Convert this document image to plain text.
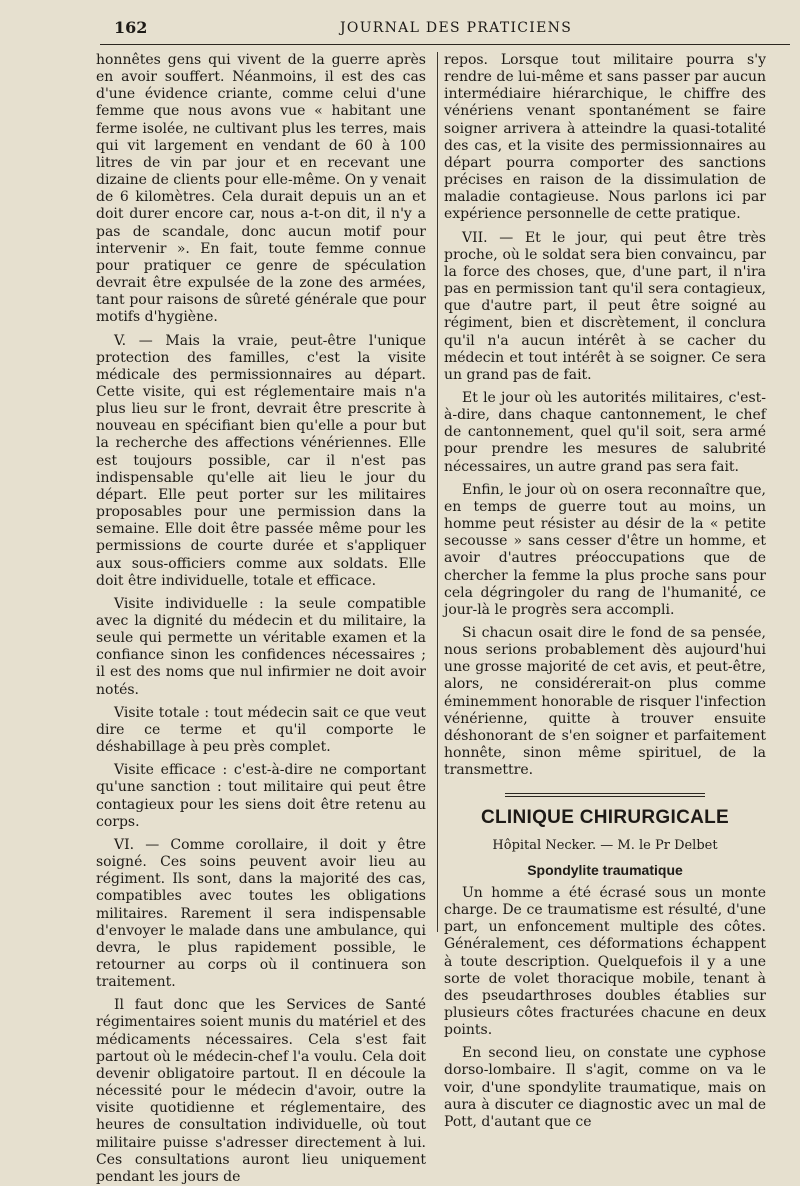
162	JOURNAL DES PRATICIENS

honnêtes gens qui vivent de la guerre après en avoir souffert. Néanmoins, il est des cas d'une évidence criante, comme celui d'une femme que nous avons vue « habitant une ferme isolée, ne cultivant plus les terres, mais qui vit largement en vendant de 60 à 100 litres de vin par jour et en recevant une dizaine de clients pour elle-même. On y venait de 6 kilomètres. Cela durait depuis un an et doit durer encore car, nous a-t-on dit, il n'y a pas de scandale, donc aucun motif pour intervenir ». En fait, toute femme connue pour pratiquer ce genre de spéculation devrait être expulsée de la zone des armées, tant pour raisons de sûreté générale que pour motifs d'hygiène.

V. — Mais la vraie, peut-être l'unique protection des familles, c'est la visite médicale des permissionnaires au départ. Cette visite, qui est réglementaire mais n'a plus lieu sur le front, devrait être prescrite à nouveau en spécifiant bien qu'elle a pour but la recherche des affections vénériennes. Elle est toujours possible, car il n'est pas indispensable qu'elle ait lieu le jour du départ. Elle peut porter sur les militaires proposables pour une permission dans la semaine. Elle doit être passée même pour les permissions de courte durée et s'appliquer aux sous-officiers comme aux soldats. Elle doit être individuelle, totale et efficace.

Visite individuelle : la seule compatible avec la dignité du médecin et du militaire, la seule qui permette un véritable examen et la confiance sinon les confidences nécessaires ; il est des noms que nul infirmier ne doit avoir notés.

Visite totale : tout médecin sait ce que veut dire ce terme et qu'il comporte le déshabillage à peu près complet.

Visite efficace : c'est-à-dire ne comportant qu'une sanction : tout militaire qui peut être contagieux pour les siens doit être retenu au corps.

VI. — Comme corollaire, il doit y être soigné. Ces soins peuvent avoir lieu au régiment. Ils sont, dans la majorité des cas, compatibles avec toutes les obligations militaires. Rarement il sera indispensable d'envoyer le malade dans une ambulance, qui devra, le plus rapidement possible, le retourner au corps où il continuera son traitement.

Il faut donc que les Services de Santé régimentaires soient munis du matériel et des médicaments nécessaires. Cela s'est fait partout où le médecin-chef l'a voulu. Cela doit devenir obligatoire partout. Il en découle la nécessité pour le médecin d'avoir, outre la visite quotidienne et réglementaire, des heures de consultation individuelle, où tout militaire puisse s'adresser directement à lui. Ces consultations auront lieu uniquement pendant les jours de

repos. Lorsque tout militaire pourra s'y rendre de lui-même et sans passer par aucun intermédiaire hiérarchique, le chiffre des vénériens venant spontanément se faire soigner arrivera à atteindre la quasi-totalité des cas, et la visite des permissionnaires au départ pourra comporter des sanctions précises en raison de la dissimulation de maladie contagieuse. Nous parlons ici par expérience personnelle de cette pratique.

VII. — Et le jour, qui peut être très proche, où le soldat sera bien convaincu, par la force des choses, que, d'une part, il n'ira pas en permission tant qu'il sera contagieux, que d'autre part, il peut être soigné au régiment, bien et discrètement, il conclura qu'il n'a aucun intérêt à se cacher du médecin et tout intérêt à se soigner. Ce sera un grand pas de fait.

Et le jour où les autorités militaires, c'est-à-dire, dans chaque cantonnement, le chef de cantonnement, quel qu'il soit, sera armé pour prendre les mesures de salubrité nécessaires, un autre grand pas sera fait.

Enfin, le jour où on osera reconnaître que, en temps de guerre tout au moins, un homme peut résister au désir de la « petite secousse » sans cesser d'être un homme, et avoir d'autres préoccupations que de chercher la femme la plus proche sans pour cela dégringoler du rang de l'humanité, ce jour-là le progrès sera accompli.

Si chacun osait dire le fond de sa pensée, nous serions probablement dès aujourd'hui une grosse majorité de cet avis, et peut-être, alors, ne considérerait-on plus comme éminemment honorable de risquer l'infection vénérienne, quitte à trouver ensuite déshonorant de s'en soigner et parfaitement honnête, sinon même spirituel, de la transmettre.

CLINIQUE CHIRURGICALE
Hôpital Necker. — M. le Pr Delbet
Spondylite traumatique

Un homme a été écrasé sous un monte charge. De ce traumatisme est résulté, d'une part, un enfoncement multiple des côtes. Généralement, ces déformations échappent à toute description. Quelquefois il y a une sorte de volet thoracique mobile, tenant à des pseudarthroses doubles établies sur plusieurs côtes fracturées chacune en deux points.

En second lieu, on constate une cyphose dorso-lombaire. Il s'agit, comme on va le voir, d'une spondylite traumatique, mais on aura à discuter ce diagnostic avec un mal de Pott, d'autant que ce
